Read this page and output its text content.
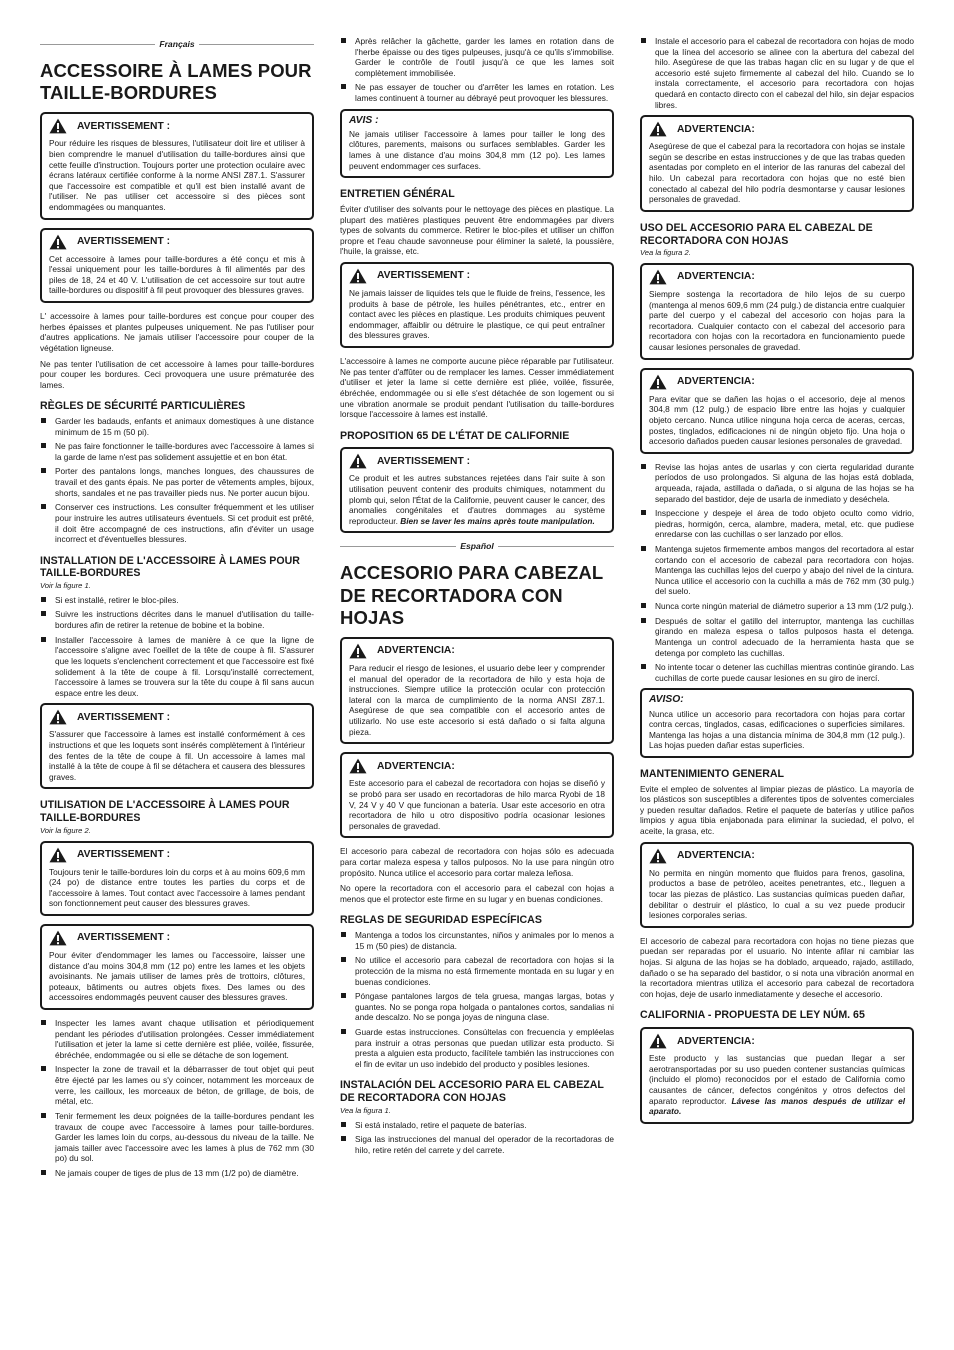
Français
ACCESSOIRE À LAMES POUR TAILLE-BORDURES
AVERTISSEMENT :

Pour réduire les risques de blessures, l'utilisateur doit lire et utiliser à bien comprendre le manuel d'utilisation du taille-bordures ainsi que cette feuille d'instruction. Toujours porter une protection oculaire avec écrans latéraux certifiée conforme à la norme ANSI Z87.1. S'assurer que l'accessoire est compatible et qu'il est bien installé avant de l'utiliser. Ne pas utiliser cet accessoire si des pièces sont endommagées ou manquantes.

AVERTISSEMENT :

Cet accessoire à lames pour taille-bordures a été conçu et mis à l'essai uniquement pour les taille-bordures à fil alimentés par des piles de 18, 24 et 40 V. L'utilisation de cet accessoire sur tout autre taille-bordures ou dispositif à fil peut provoquer des blessures graves.

L' accessoire à lames pour taille-bordures est conçue pour couper des herbes épaisses et plantes pulpeuses uniquement. Ne pas l'utiliser pour d'autres applications. Ne jamais utiliser l'accessoire pour couper de la végétation ligneuse.

Ne pas tenter l'utilisation de cet accessoire à lames pour taille-bordures pour couper les bordures. Ceci provoquera une usure prématurée des lames.

RÈGLES DE SÉCURITÉ PARTICULIÈRES
Garder les badauds, enfants et animaux domestiques à une distance minimum de 15 m (50 pi).
Ne pas faire fonctionner le taille-bordures avec l'accessoire à lames si la garde de lame n'est pas solidement assujettie et en bon état.
Porter des pantalons longs, manches longues, des chaussures de travail et des gants épais. Ne pas porter de vêtements amples, bijoux, shorts, sandales et ne pas travailler pieds nus. Ne porter aucun bijou.
Conserver ces instructions. Les consulter fréquemment et les utiliser pour instruire les autres utilisateurs éventuels. Si cet produit est prêté, il doit être accompagné de ces instructions, afin d'éviter un usage incorrect et d'éventuelles blessures.
INSTALLATION DE L'ACCESSOIRE À LAMES POUR TAILLE-BORDURES
Voir la figure 1.
Si est installé, retirer le bloc-piles.
Suivre les instructions décrites dans le manuel d'utilisation du taille-bordures afin de retirer la retenue de bobine et la bobine.
Installer l'accessoire à lames de manière à ce que la ligne de l'accessoire s'aligne avec l'oeillet de la tête de coupe à fil. S'assurer que les loquets s'enclenchent correctement et que l'accessoire est fixé solidement à la tête de coupe à fil. Lorsqu'installé correctement, l'accessoire à lames se trouvera sur la tête du coupe à fil sans aucun espace entre les deux.
AVERTISSEMENT :

S'assurer que l'accessoire à lames est installé conformément à ces instructions et que les loquets sont insérés complètement à l'intérieur des fentes de la tête de coupe à fil. Un accessoire à lames mal installé à la tête de coupe à fil se détachera et causera des blessures graves.

UTILISATION DE L'ACCESSOIRE À LAMES POUR TAILLE-BORDURES
Voir la figure 2.
AVERTISSEMENT :

Toujours tenir le taille-bordures loin du corps et à au moins 609,6 mm (24 po) de distance entre toutes les parties du corps et de l'accessoire à lames. Tout contact avec l'accessoire à lames pendant son fonctionnement peut causer des blessures graves.

AVERTISSEMENT :

Pour éviter d'endommager les lames ou l'accessoire, laisser une distance d'au moins 304,8 mm (12 po) entre les lames et les objets avoisinants. Ne jamais utiliser de lames près de trottoirs, clôtures, poteaux, bâtiments ou autres objets fixes. Des lames ou des accessoires endommagés peuvent causer des blessures graves.

Inspecter les lames avant chaque utilisation et périodiquement pendant les périodes d'utilisation prolongées. Cesser immédiatement l'utilisation et jeter la lame si cette dernière est pliée, voilée, fissurée, ébréchée, endommagée ou si elle se détache de son logement.
Inspecter la zone de travail et la débarrasser de tout objet qui peut être éjecté par les lames ou s'y coincer, notamment les morceaux de verre, les cailloux, les morceaux de béton, de grillage, de bois, de métal, etc.
Tenir fermement les deux poignées de la taille-bordures pendant les travaux de coupe avec l'accessoire à lames pour taille-bordures. Garder les lames loin du corps, au-dessous du niveau de la taille. Ne jamais tailler avec l'accessoire avec les lames à plus de 762 mm (30 po) du sol.
Ne jamais couper de tiges de plus de 13 mm (1/2 po) de diamètre.
Après relâcher la gâchette, garder les lames en rotation dans de l'herbe épaisse ou des tiges pulpeuses, jusqu'à ce qu'ils s'immobilise. Garder le contrôle de l'outil jusqu'à ce que les lames soit complètement immobilisée.
Ne pas essayer de toucher ou d'arrêter les lames en rotation. Les lames continuent à tourner au débrayé peut provoquer les blessures.
AVIS :

Ne jamais utiliser l'accessoire à lames pour tailler le long des clôtures, parements, maisons ou surfaces semblables. Garder les lames à une distance d'au moins 304,8 mm (12 po). Les lames peuvent endommager ces surfaces.

ENTRETIEN GÉNÉRAL

Éviter d'utiliser des solvants pour le nettoyage des pièces en plastique. La plupart des matières plastiques peuvent être endommagées par divers types de solvants du commerce. Retirer le bloc-piles et utiliser un chiffon propre et l'eau chaude savonneuse pour éliminer la saleté, la poussière, l'huile, la graisse, etc.

AVERTISSEMENT :

Ne jamais laisser de liquides tels que le fluide de freins, l'essence, les produits à base de pétrole, les huiles pénétrantes, etc., entrer en contact avec les pièces en plastique. Les produits chimiques peuvent endommager, affaiblir ou détruire le plastique, ce qui peut entraîner des blessures graves.

L'accessoire à lames ne comporte aucune pièce réparable par l'utilisateur. Ne pas tenter d'affûter ou de remplacer les lames. Cesser immédiatement d'utiliser et jeter la lame si cette dernière est pliée, voilée, fissurée, ébréchée, endommagée ou si elle s'est détachée de son logement ou si une vibration anormale se produit pendant l'utilisation du taille-bordures lorsque l'accessoire à lames est installé.

PROPOSITION 65 DE L'ÉTAT DE CALIFORNIE
AVERTISSEMENT :

Ce produit et les autres substances rejetées dans l'air suite à son utilisation peuvent contenir des produits chimiques, notamment du plomb qui, selon l'État de la Californie, peuvent causer le cancer, des anomalies congénitales et d'autres dommages au système reproducteur. Bien se laver les mains après toute manipulation.

Español
ACCESORIO PARA CABEZAL DE RECORTADORA CON HOJAS
ADVERTENCIA:

Para reducir el riesgo de lesiones, el usuario debe leer y comprender el manual del operador de la recortadora de hilo y esta hoja de instrucciones. Siempre utilice la protección ocular con protección lateral con la marca de cumplimiento de la norma ANSI Z87.1. Asegúrese de que sea compatible con el accesorio antes de utilizarlo. No use este accesorio si está dañado o si falta alguna pieza.

ADVERTENCIA:

Este accesorio para el cabezal de recortadora con hojas se diseñó y se probó para ser usado en recortadoras de hilo marca Ryobi de 18 V, 24 V y 40 V que funcionan a batería. Usar este accesorio en otra recortadora de hilo u otro dispositivo podría ocasionar lesiones personales de gravedad.

El accesorio para cabezal de recortadora con hojas sólo es adecuada para cortar maleza espesa y tallos pulposos. No la use para ningún otro propósito. Nunca utilice el accesorio para cortar maleza leñosa.

No opere la recortadora con el accesorio para el cabezal con hojas a menos que el protector este firme en su lugar y en buenas condiciones.

REGLAS DE SEGURIDAD ESPECÍFICAS
Mantenga a todos los circunstantes, niños y animales por lo menos a 15 m (50 pies) de distancia.
No utilice el accesorio para cabezal de recortadora con hojas si la protección de la misma no está firmemente montada en su lugar y en buenas condiciones.
Póngase pantalones largos de tela gruesa, mangas largas, botas y guantes. No se ponga ropa holgada o pantalones cortos, sandalias ni ande descalzo. No se ponga joyas de ninguna clase.
Guarde estas instrucciones. Consúltelas con frecuencia y empléelas para instruir a otras personas que puedan utilizar esta producto. Si presta a alguien esta producto, facilítele también las instrucciones con el fin de evitar un uso indebido del producto y posibles lesiones.
INSTALACIÓN DEL ACCESORIO PARA EL CABEZAL DE RECORTADORA CON HOJAS
Vea la figura 1.
Si está instalado, retire el paquete de baterías.
Siga las instrucciones del manual del operador de la recortadoras de hilo, retire retén del carrete y del carrete.
Instale el accesorio para el cabezal de recortadora con hojas de modo que la línea del accesorio se alinee con la abertura del cabezal del hilo. Asegúrese de que las trabas hagan clic en su lugar y de que el accesorio esté sujeto firmemente al cabezal del hilo. Cuando se lo instala correctamente, el accesorio para recortadora con hojas quedará en contacto directo con el cabezal del hilo, sin dejar espacios libres.
ADVERTENCIA:

Asegúrese de que el cabezal para la recortadora con hojas se instale según se describe en estas instrucciones y de que las trabas queden asentadas por completo en el interior de las ranuras del cabezal del hilo. Un cabezal para recortadora con hojas que no esté bien conectado al cabezal del hilo podría desmontarse y causar lesiones personales de gravedad.

USO DEL ACCESORIO PARA EL CABEZAL DE RECORTADORA CON HOJAS
Vea la figura 2.
ADVERTENCIA:

Siempre sostenga la recortadora de hilo lejos de su cuerpo (mantenga al menos 609,6 mm (24 pulg.) de distancia entre cualquier parte del cuerpo y el cabezal del accesorio con hojas para la recortadora. Cualquier contacto con el cabezal del accesorio para recortadora con hojas con la recortadora en funcionamiento puede causar lesiones personales de gravedad.

ADVERTENCIA:

Para evitar que se dañen las hojas o el accesorio, deje al menos 304,8 mm (12 pulg.) de espacio libre entre las hojas y cualquier objeto cercano. Nunca utilice ninguna hoja cerca de aceras, cercas, postes, tinglados, edificaciones ni de ningún objeto fijo. Una hoja o accesorio dañados pueden causar lesiones personales de gravedad.

Revise las hojas antes de usarlas y con cierta regularidad durante períodos de uso prolongados. Si alguna de las hojas está doblada, arqueada, rajada, astillada o dañada, o si alguna de las hojas se ha separado del bastidor, deje de usarla de inmediato y deséchela.
Inspeccione y despeje el área de todo objeto oculto como vidrio, piedras, hormigón, cerca, alambre, madera, metal, etc. que pudiese enredarse con las cuchillas o ser lanzado por ellos.
Mantenga sujetos firmemente ambos mangos del recortadora al estar cortando con el accesorio de cabezal para recortadora con hojas. Mantenga las cuchillas lejos del cuerpo y abajo del nivel de la cintura. Nunca utilice el accesorio con la cuchilla a más de 762 mm (30 pulg.) del suelo.
Nunca corte ningún material de diámetro superior a 13 mm (1/2 pulg.).
Después de soltar el gatillo del interruptor, mantenga las cuchillas girando en maleza espesa o tallos pulposos hasta el detenga. Mantenga un control adecuado de la herramienta hasta que se detenga por completo las cuchillas.
No intente tocar o detener las cuchillas mientras continúe girando. Las cuchillas de corte puede causar lesiones en su giro de inercí.
AVISO:

Nunca utilice un accesorio para recortadora con hojas para cortar contra cercas, tinglados, casas, edificaciones o superficies similares. Mantenga las hojas a una distancia mínima de 304,8 mm (12 pulg.). Las hojas pueden dañar estas superficies.

MANTENIMIENTO GENERAL

Evite el empleo de solventes al limpiar piezas de plástico. La mayoría de los plásticos son susceptibles a diferentes tipos de solventes comerciales y pueden resultar dañados. Retire el paquete de baterías y utilice paños limpios y agua tibia enjabonada para eliminar la suciedad, el polvo, el aceite, la grasa, etc.

ADVERTENCIA:

No permita en ningún momento que fluidos para frenos, gasolina, productos a base de petróleo, aceites penetrantes, etc., lleguen a tocar las piezas de plástico. Las sustancias químicas pueden dañar, debilitar o destruir el plástico, lo cual a su vez puede producir lesiones corporales serias.

El accesorio de cabezal para recortadora con hojas no tiene piezas que puedan ser reparadas por el usuario. No intente afilar ni cambiar las hojas. Si alguna de las hojas se ha doblado, arqueado, rajado, astillado, dañado o se ha separado del bastidor, o si nota una vibración anormal en la recortadora mientras utiliza el accesorio para cabezal de recortadora con hojas, deje de usarlo inmediatamente y deseche el accesorio.

CALIFORNIA - PROPUESTA DE LEY NÚM. 65
ADVERTENCIA:

Este producto y las sustancias que puedan llegar a ser aerotransportadas por su uso pueden contener sustancias químicas (incluido el plomo) reconocidos por el estado de California como causantes de cáncer, defectos congénitos y otros defectos del aparato reproductor. Lávese las manos después de utilizar el aparato.
